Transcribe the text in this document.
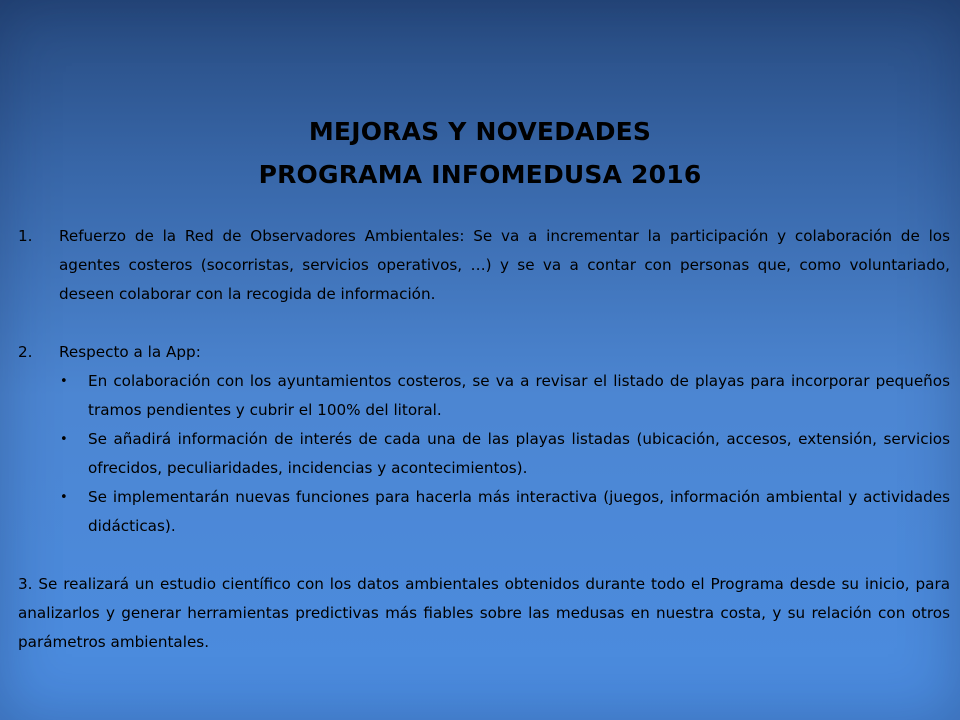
MEJORAS Y NOVEDADES
PROGRAMA INFOMEDUSA 2016
1. Refuerzo de la Red de Observadores Ambientales: Se va a incrementar la participación y colaboración de los agentes costeros (socorristas, servicios operativos, …) y se va a contar con personas que, como voluntariado, deseen colaborar con la recogida de información.
2. Respecto a la App:
• En colaboración con los ayuntamientos costeros, se va a revisar el listado de playas para incorporar pequeños tramos pendientes y cubrir el 100% del litoral.
• Se añadirá información de interés de cada una de las playas listadas (ubicación, accesos, extensión, servicios ofrecidos, peculiaridades, incidencias y acontecimientos).
• Se implementarán nuevas funciones para hacerla más interactiva (juegos, información ambiental y actividades didácticas).
3. Se realizará un estudio científico con los datos ambientales obtenidos durante todo el Programa desde su inicio, para analizarlos y generar herramientas predictivas más fiables sobre las medusas en nuestra costa, y su relación con otros parámetros ambientales.
